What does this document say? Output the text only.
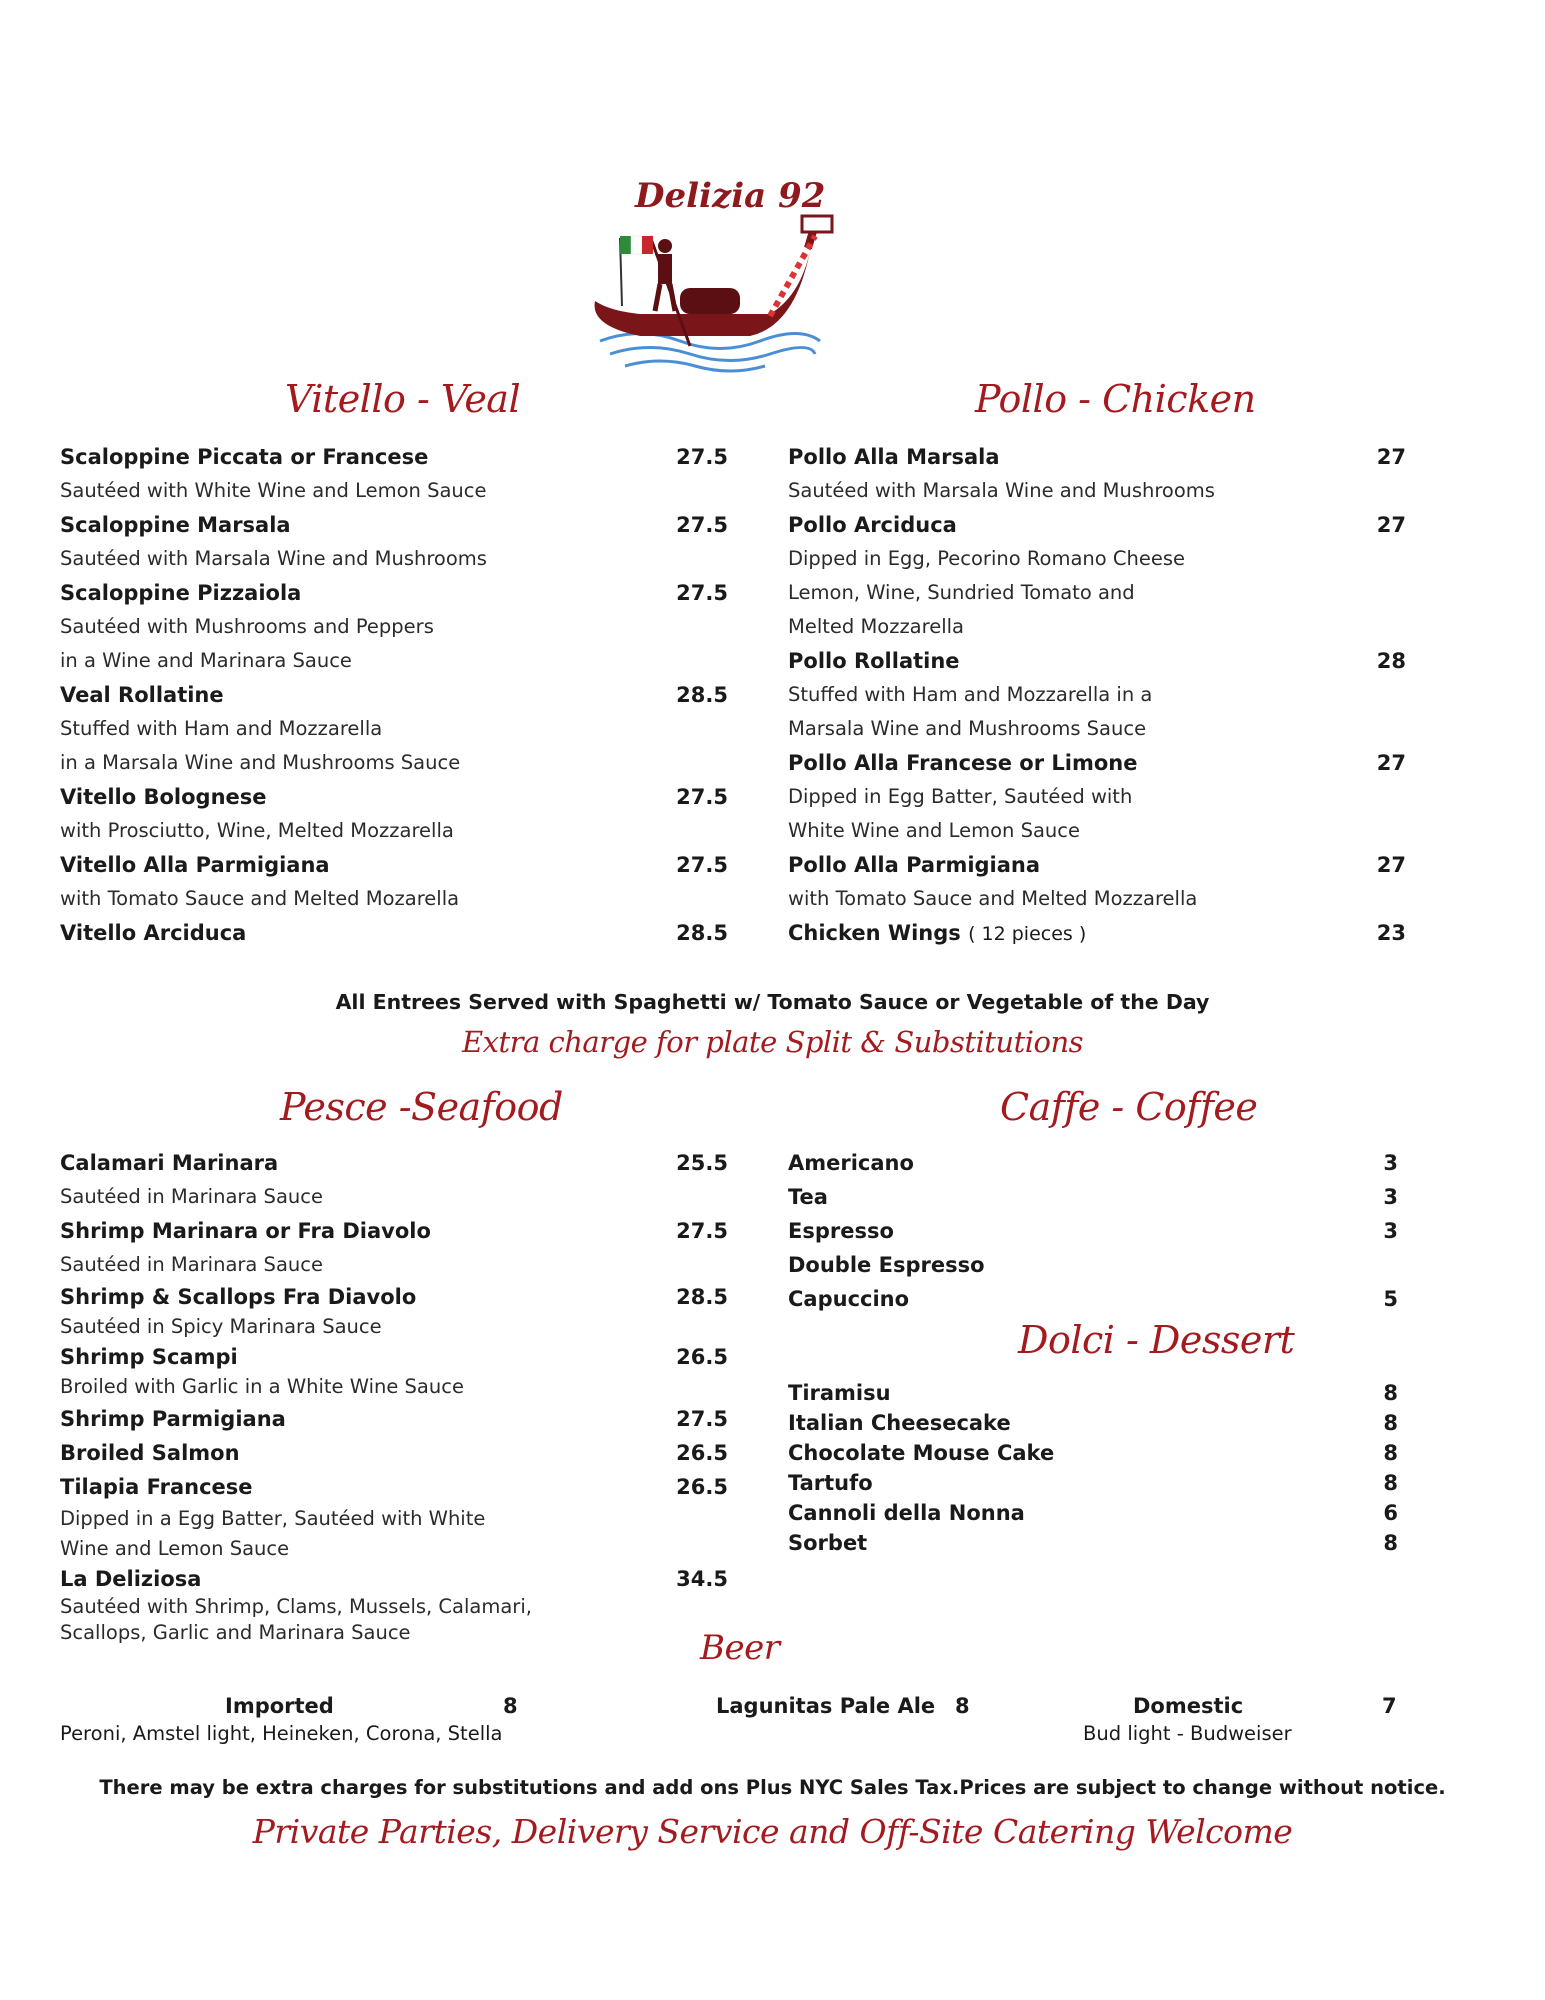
Delizia 92
Vitello - Veal	Pollo - Chicken
Scaloppine Piccata or Francese	27.5
Sautéed with White Wine and Lemon Sauce
Scaloppine Marsala	27.5
Sautéed with Marsala Wine and Mushrooms
Scaloppine Pizzaiola	27.5
Sautéed with Mushrooms and Peppers
in a Wine and Marinara Sauce
Veal Rollatine	28.5
Stuffed with Ham and Mozzarella
in a Marsala Wine and Mushrooms Sauce
Vitello Bolognese	27.5
with Prosciutto, Wine, Melted Mozzarella
Vitello Alla Parmigiana	27.5
with Tomato Sauce and Melted Mozarella
Vitello Arciduca	28.5
Pollo Alla Marsala	27
Sautéed with Marsala Wine and Mushrooms
Pollo Arciduca	27
Dipped in Egg, Pecorino Romano Cheese
Lemon, Wine, Sundried Tomato and
Melted Mozzarella
Pollo Rollatine	28
Stuffed with Ham and Mozzarella in a
Marsala Wine and Mushrooms Sauce
Pollo Alla Francese or Limone	27
Dipped in Egg Batter, Sautéed with
White Wine and Lemon Sauce
Pollo Alla Parmigiana	27
with Tomato Sauce and Melted Mozzarella
Chicken Wings ( 12 pieces )	23
All Entrees Served with Spaghetti w/ Tomato Sauce or Vegetable of the Day
Extra charge for plate Split & Substitutions
Pesce -Seafood	Caffe - Coffee
Calamari Marinara	25.5
Sautéed in Marinara Sauce
Shrimp Marinara or Fra Diavolo	27.5
Sautéed in Marinara Sauce
Shrimp & Scallops Fra Diavolo	28.5
Sautéed in Spicy Marinara Sauce
Shrimp Scampi	26.5
Broiled with Garlic in a White Wine Sauce
Shrimp Parmigiana	27.5
Broiled Salmon	26.5
Tilapia Francese	26.5
Dipped in a Egg Batter, Sautéed with White
Wine and Lemon Sauce
La Deliziosa	34.5
Sautéed with Shrimp, Clams, Mussels, Calamari,
Scallops, Garlic and Marinara Sauce
Americano	3
Tea	3
Espresso	3
Double Espresso
Capuccino	5
Dolci - Dessert
Tiramisu	8
Italian Cheesecake	8
Chocolate Mouse Cake	8
Tartufo	8
Cannoli della Nonna	6
Sorbet	8
Beer
Imported	8
Peroni, Amstel light, Heineken, Corona, Stella
Lagunitas Pale Ale 8	Domestic	7
Bud light - Budweiser
There may be extra charges for substitutions and add ons Plus NYC Sales Tax.Prices are subject to change without notice.
Private Parties, Delivery Service and Off-Site Catering Welcome
